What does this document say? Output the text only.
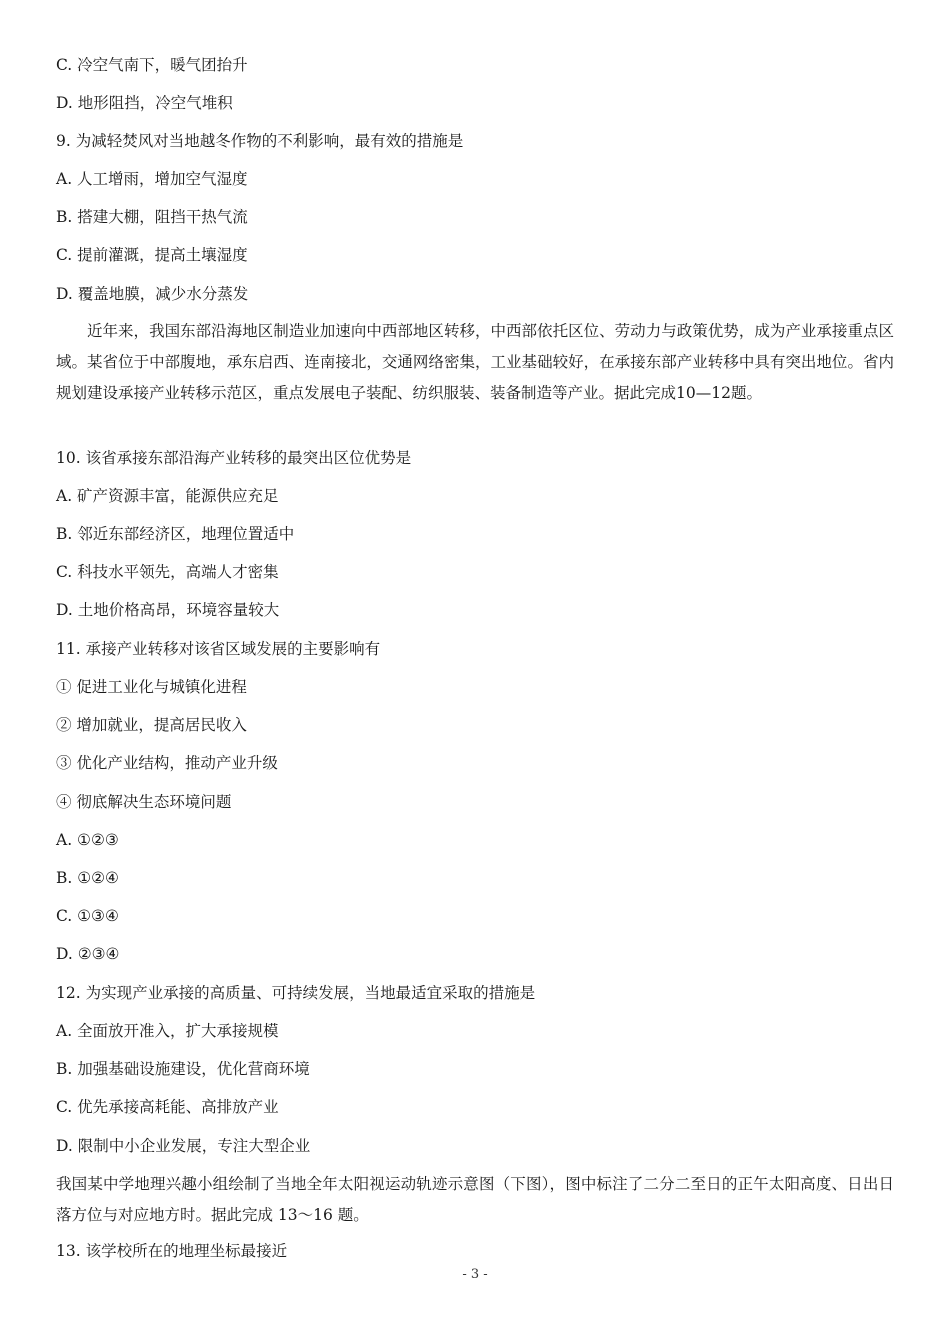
C. 冷空气南下，暖气团抬升
D. 地形阻挡，冷空气堆积
9. 为减轻焚风对当地越冬作物的不利影响，最有效的措施是
A. 人工增雨，增加空气湿度
B. 搭建大棚，阻挡干热气流
C. 提前灌溉，提高土壤湿度
D. 覆盖地膜，减少水分蒸发
近年来，我国东部沿海地区制造业加速向中西部地区转移，中西部依托区位、劳动力与政策优势，成为产业承接重点区域。某省位于中部腹地，承东启西、连南接北，交通网络密集，工业基础较好，在承接东部产业转移中具有突出地位。省内规划建设承接产业转移示范区，重点发展电子装配、纺织服装、装备制造等产业。据此完成10—12题。
10. 该省承接东部沿海产业转移的最突出区位优势是
A. 矿产资源丰富，能源供应充足
B. 邻近东部经济区，地理位置适中
C. 科技水平领先，高端人才密集
D. 土地价格高昂，环境容量较大
11. 承接产业转移对该省区域发展的主要影响有
① 促进工业化与城镇化进程
② 增加就业，提高居民收入
③ 优化产业结构，推动产业升级
④ 彻底解决生态环境问题
A. ①②③
B. ①②④
C. ①③④
D. ②③④
12. 为实现产业承接的高质量、可持续发展，当地最适宜采取的措施是
A. 全面放开准入，扩大承接规模
B. 加强基础设施建设，优化营商环境
C. 优先承接高耗能、高排放产业
D. 限制中小企业发展，专注大型企业
我国某中学地理兴趣小组绘制了当地全年太阳视运动轨迹示意图（下图），图中标注了二分二至日的正午太阳高度、日出日落方位与对应地方时。据此完成 13～16 题。
13. 该学校所在的地理坐标最接近
- 3 -
